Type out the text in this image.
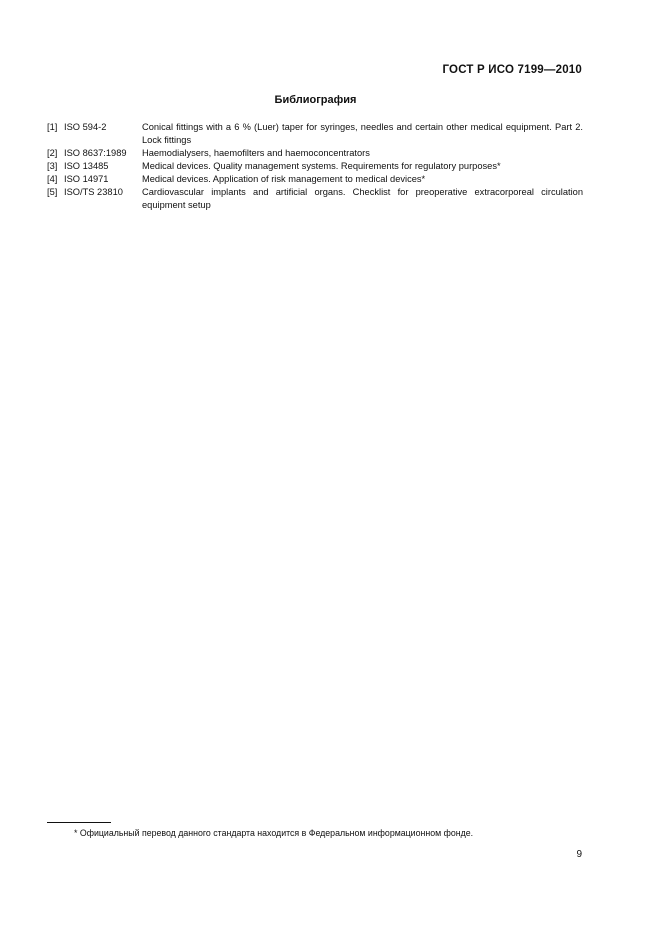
ГОСТ Р ИСО 7199—2010
Библиография
[1] ISO 594-2	Conical fittings with a 6 % (Luer) taper for syringes, needles and certain other medical equipment. Part 2. Lock fittings
[2] ISO 8637:1989	Haemodialysers, haemofilters and haemoconcentrators
[3] ISO 13485	Medical devices. Quality management systems. Requirements for regulatory purposes*
[4] ISO 14971	Medical devices. Application of risk management to medical devices*
[5] ISO/TS 23810	Cardiovascular implants and artificial organs. Checklist for preoperative extracorporeal circulation equipment setup
* Официальный перевод данного стандарта находится в Федеральном информационном фонде.
9
